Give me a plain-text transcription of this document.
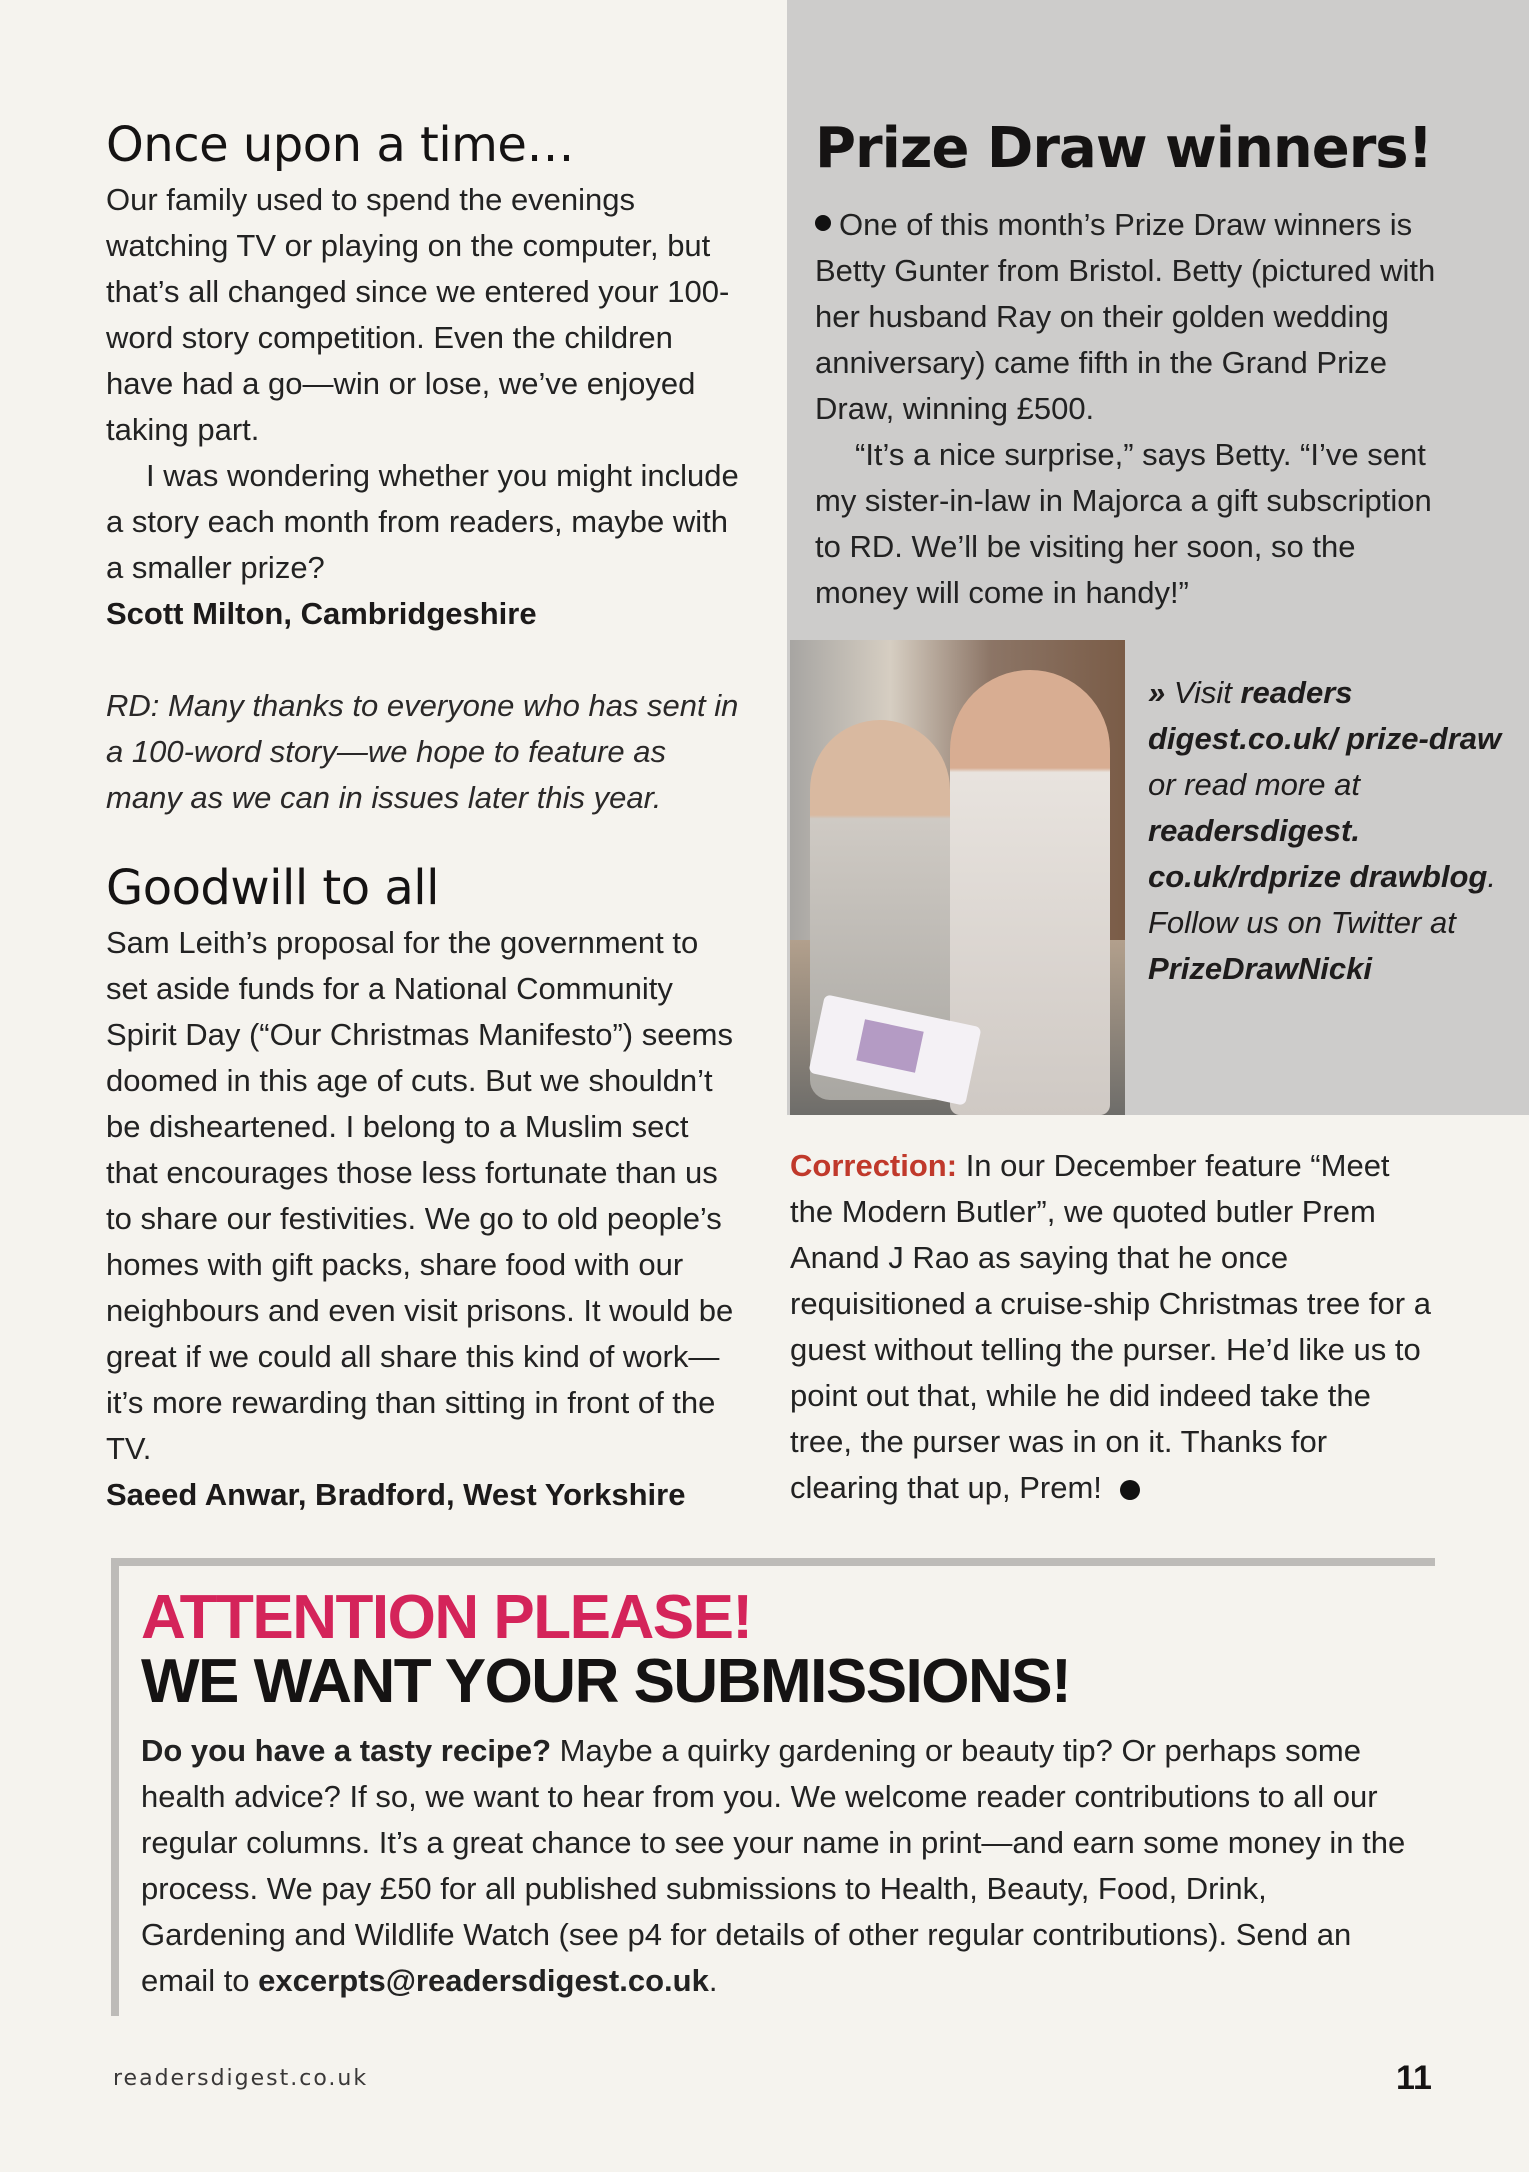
Once upon a time…

Our family used to spend the evenings watching TV or playing on the computer, but that’s all changed since we entered your 100-word story competition. Even the children have had a go—win or lose, we’ve enjoyed taking part.

I was wondering whether you might include a story each month from readers, maybe with a smaller prize?

Scott Milton, Cambridgeshire

RD: Many thanks to everyone who has sent in a 100-word story—we hope to feature as many as we can in issues later this year.

Goodwill to all

Sam Leith’s proposal for the government to set aside funds for a National Community Spirit Day (“Our Christmas Manifesto”) seems doomed in this age of cuts. But we shouldn’t be disheartened. I belong to a Muslim sect that encourages those less fortunate than us to share our festivities. We go to old people’s homes with gift packs, share food with our neighbours and even visit prisons. It would be great if we could all share this kind of work—it’s more rewarding than sitting in front of the TV.

Saeed Anwar, Bradford, West Yorkshire
Prize Draw winners!

One of this month’s Prize Draw winners is Betty Gunter from Bristol. Betty (pictured with her husband Ray on their golden wedding anniversary) came fifth in the Grand Prize Draw, winning £500.

“It’s a nice surprise,” says Betty. “I’ve sent my sister-in-law in Majorca a gift subscription to RD. We’ll be visiting her soon, so the money will come in handy!”

» Visit readers digest.co.uk/ prize-draw or read more at readersdigest. co.uk/rdprize drawblog. Follow us on Twitter at PrizeDrawNicki

Correction: In our December feature “Meet the Modern Butler”, we quoted butler Prem Anand J Rao as saying that he once requisitioned a cruise-ship Christmas tree for a guest without telling the purser. He’d like us to point out that, while he did indeed take the tree, the purser was in on it. Thanks for clearing that up, Prem!

ATTENTION PLEASE!
WE WANT YOUR SUBMISSIONS!

Do you have a tasty recipe? Maybe a quirky gardening or beauty tip? Or perhaps some health advice? If so, we want to hear from you. We welcome reader contributions to all our regular columns. It’s a great chance to see your name in print—and earn some money in the process. We pay £50 for all published submissions to Health, Beauty, Food, Drink, Gardening and Wildlife Watch (see p4 for details of other regular contributions). Send an email to excerpts@readersdigest.co.uk.

readersdigest.co.uk	11
